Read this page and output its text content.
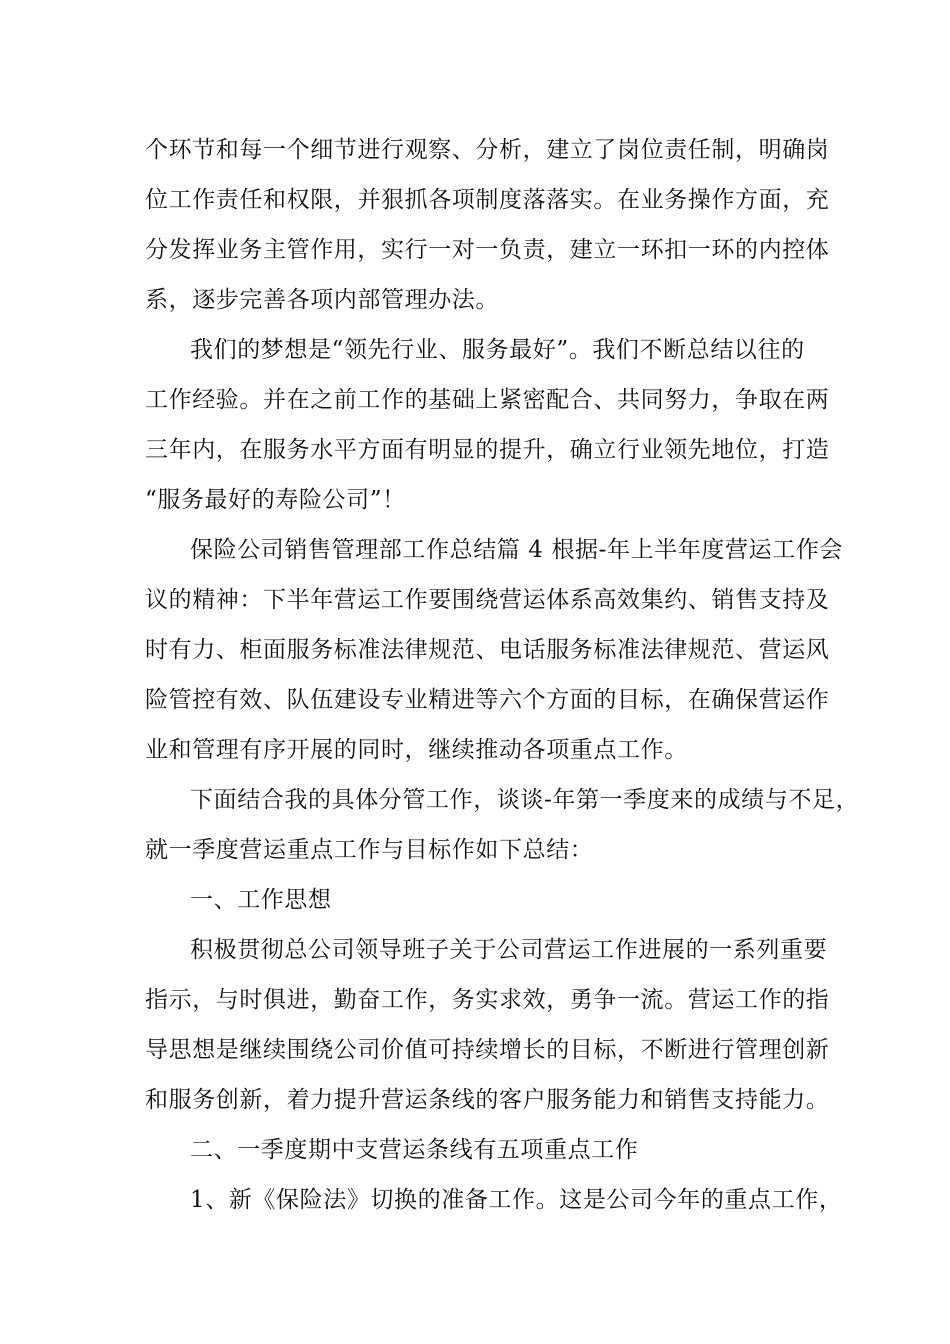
个环节和每一个细节进行观察、分析，建立了岗位责任制，明确岗
位工作责任和权限，并狠抓各项制度落落实。在业务操作方面，充
分发挥业务主管作用，实行一对一负责，建立一环扣一环的内控体
系，逐步完善各项内部管理办法。
我们的梦想是“领先行业、服务最好”。我们不断总结以往的
工作经验。并在之前工作的基础上紧密配合、共同努力，争取在两
三年内，在服务水平方面有明显的提升，确立行业领先地位，打造
“服务最好的寿险公司”！
保险公司销售管理部工作总结篇 4 根据-年上半年度营运工作会
议的精神：下半年营运工作要围绕营运体系高效集约、销售支持及
时有力、柜面服务标准法律规范、电话服务标准法律规范、营运风
险管控有效、队伍建设专业精进等六个方面的目标，在确保营运作
业和管理有序开展的同时，继续推动各项重点工作。
下面结合我的具体分管工作，谈谈-年第一季度来的成绩与不足，
就一季度营运重点工作与目标作如下总结：
一、工作思想
积极贯彻总公司领导班子关于公司营运工作进展的一系列重要
指示，与时俱进，勤奋工作，务实求效，勇争一流。营运工作的指
导思想是继续围绕公司价值可持续增长的目标，不断进行管理创新
和服务创新，着力提升营运条线的客户服务能力和销售支持能力。
二、一季度期中支营运条线有五项重点工作
1、新《保险法》切换的准备工作。这是公司今年的重点工作，
